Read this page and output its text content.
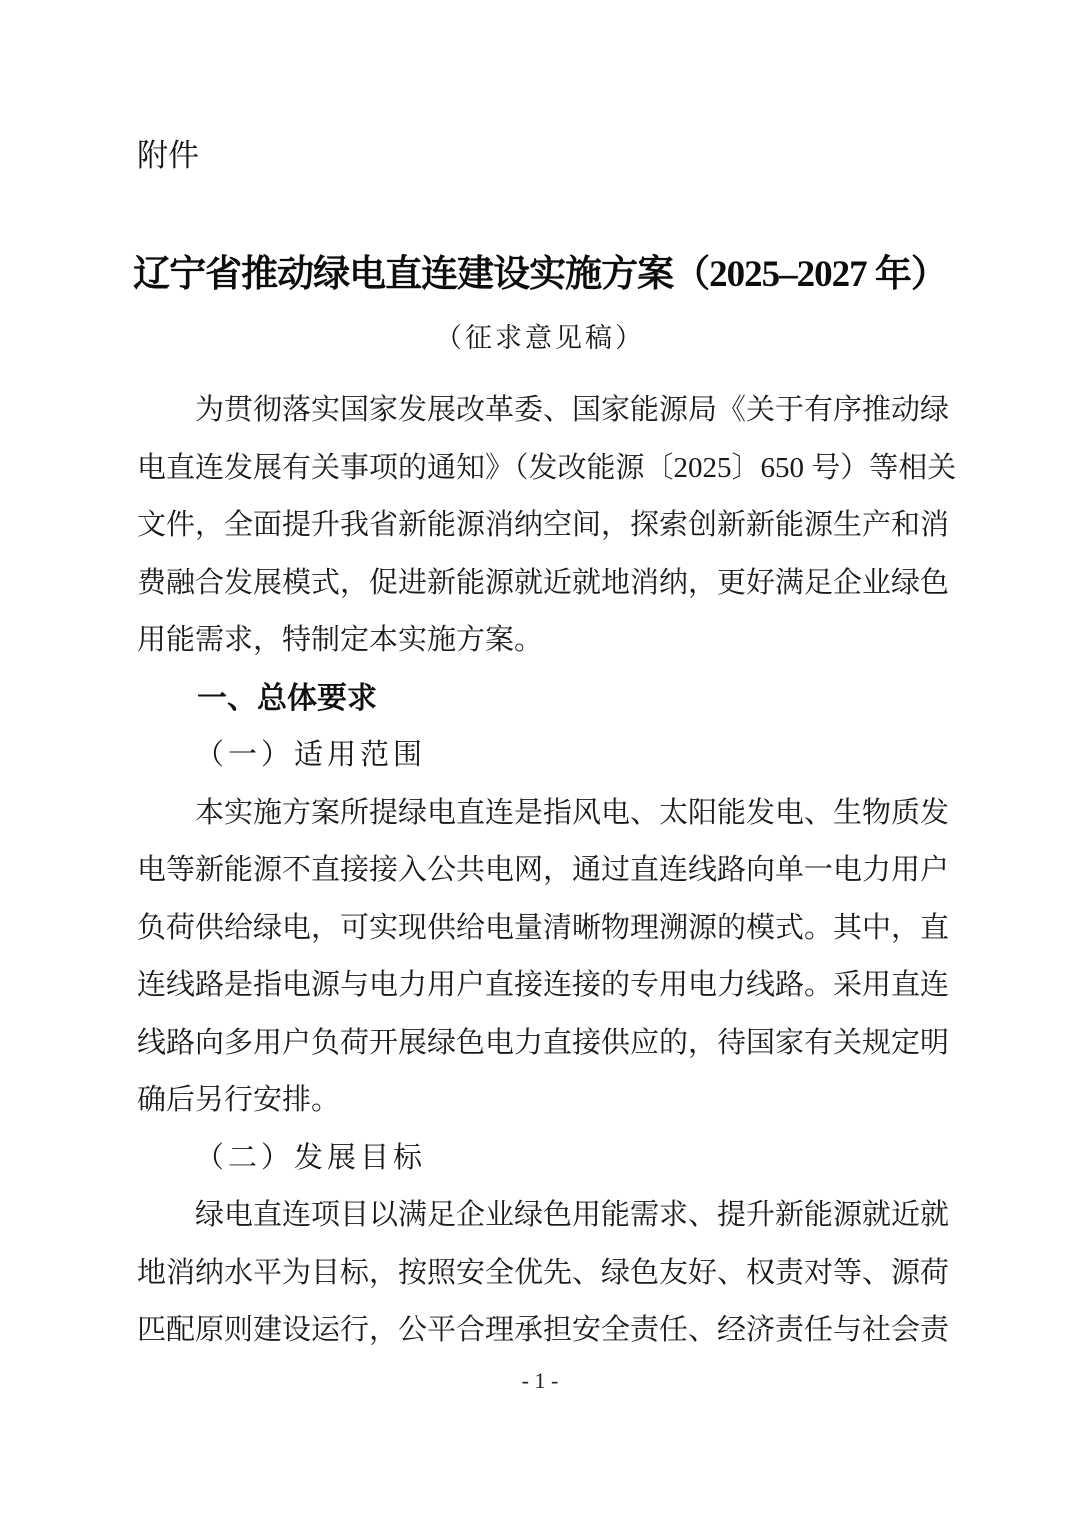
附件
辽宁省推动绿电直连建设实施方案（2025–2027 年）
（征求意见稿）
为贯彻落实国家发展改革委、国家能源局《关于有序推动绿
电直连发展有关事项的通知》（发改能源〔2025〕650 号）等相关
文件，全面提升我省新能源消纳空间，探索创新新能源生产和消
费融合发展模式，促进新能源就近就地消纳，更好满足企业绿色
用能需求，特制定本实施方案。
一、总体要求
（一）适用范围
本实施方案所提绿电直连是指风电、太阳能发电、生物质发
电等新能源不直接接入公共电网，通过直连线路向单一电力用户
负荷供给绿电，可实现供给电量清晰物理溯源的模式。其中，直
连线路是指电源与电力用户直接连接的专用电力线路。采用直连
线路向多用户负荷开展绿色电力直接供应的，待国家有关规定明
确后另行安排。
（二）发展目标
绿电直连项目以满足企业绿色用能需求、提升新能源就近就
地消纳水平为目标，按照安全优先、绿色友好、权责对等、源荷
匹配原则建设运行，公平合理承担安全责任、经济责任与社会责
- 1 -
